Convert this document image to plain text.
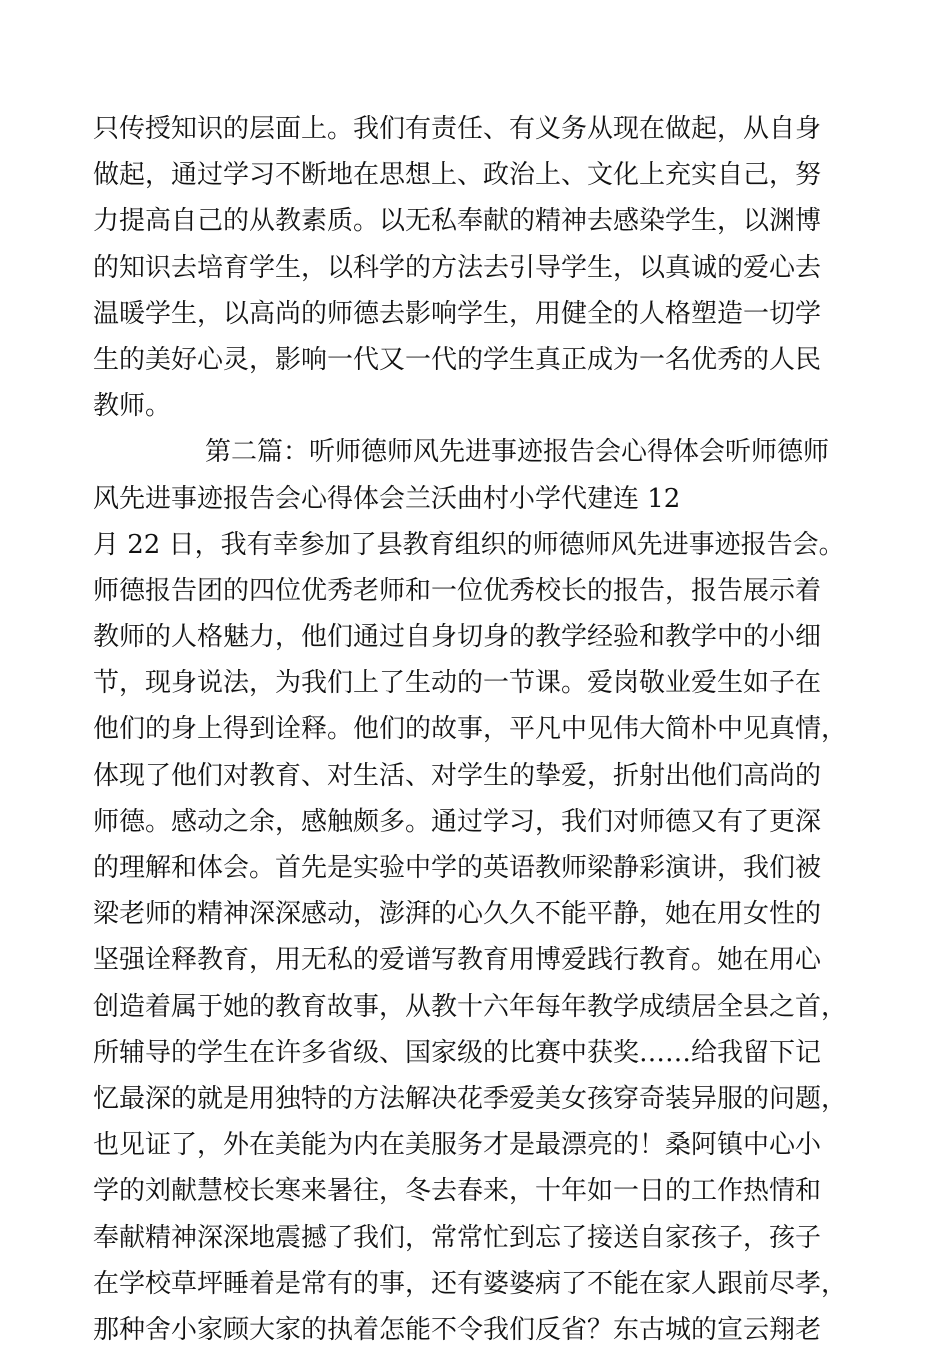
只传授知识的层面上。我们有责任、有义务从现在做起，从自身
做起，通过学习不断地在思想上、政治上、文化上充实自己，努
力提高自己的从教素质。以无私奉献的精神去感染学生，以渊博
的知识去培育学生，以科学的方法去引导学生，以真诚的爱心去
温暖学生，以高尚的师德去影响学生，用健全的人格塑造一切学
生的美好心灵，影响一代又一代的学生真正成为一名优秀的人民
教师。
第二篇：听师德师风先进事迹报告会心得体会听师德师
风先进事迹报告会心得体会兰沃曲村小学代建连 12
月 22 日，我有幸参加了县教育组织的师德师风先进事迹报告会。
师德报告团的四位优秀老师和一位优秀校长的报告，报告展示着
教师的人格魅力，他们通过自身切身的教学经验和教学中的小细
节，现身说法，为我们上了生动的一节课。爱岗敬业爱生如子在
他们的身上得到诠释。他们的故事，平凡中见伟大简朴中见真情，
体现了他们对教育、对生活、对学生的挚爱，折射出他们高尚的
师德。感动之余，感触颇多。通过学习，我们对师德又有了更深
的理解和体会。首先是实验中学的英语教师梁静彩演讲，我们被
梁老师的精神深深感动，澎湃的心久久不能平静，她在用女性的
坚强诠释教育，用无私的爱谱写教育用博爱践行教育。她在用心
创造着属于她的教育故事，从教十六年每年教学成绩居全县之首，
所辅导的学生在许多省级、国家级的比赛中获奖……给我留下记
忆最深的就是用独特的方法解决花季爱美女孩穿奇装异服的问题，
也见证了，外在美能为内在美服务才是最漂亮的！桑阿镇中心小
学的刘献慧校长寒来暑往，冬去春来，十年如一日的工作热情和
奉献精神深深地震撼了我们，常常忙到忘了接送自家孩子，孩子
在学校草坪睡着是常有的事，还有婆婆病了不能在家人跟前尽孝，
那种舍小家顾大家的执着怎能不令我们反省？东古城的宣云翔老
